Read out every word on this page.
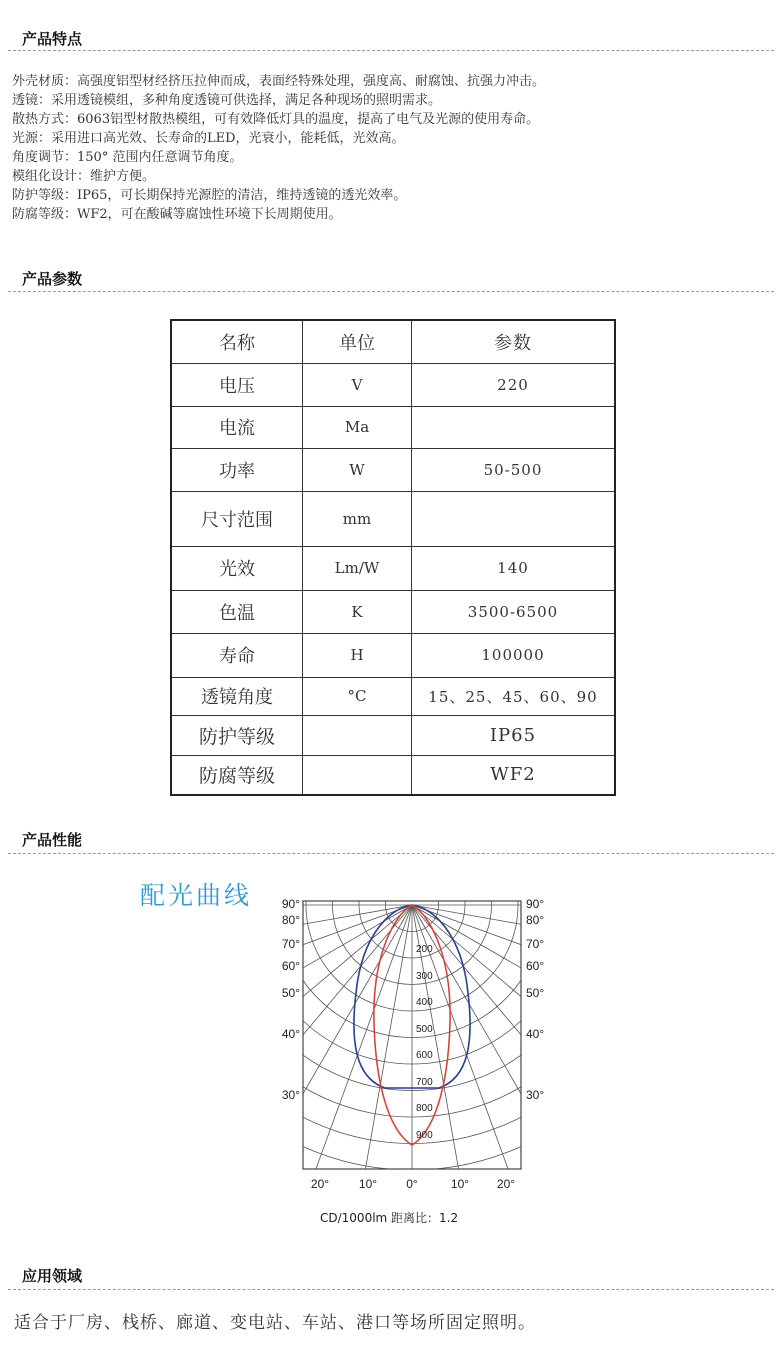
产品特点
外壳材质：高强度铝型材经挤压拉伸而成，表面经特殊处理，强度高、耐腐蚀、抗强力冲击。
透镜：采用透镜模组，多种角度透镜可供选择，满足各种现场的照明需求。
散热方式：6063铝型材散热模组，可有效降低灯具的温度，提高了电气及光源的使用寿命。
光源：采用进口高光效、长寿命的LED，光衰小，能耗低，光效高。
角度调节：150° 范围内任意调节角度。
模组化设计：维护方便。
防护等级：IP65，可长期保持光源腔的清洁，维持透镜的透光效率。
防腐等级：WF2，可在酸碱等腐蚀性环境下长周期使用。
产品参数
名称	单位	参数
电压	V	220
电流	Ma	
功率	W	50-500
尺寸范围	mm	
光效	Lm/W	140
色温	K	3500-6500
寿命	H	100000
透镜角度	°C	15、25、45、60、90
防护等级		IP65
防腐等级		WF2
产品性能
配光曲线
200
300
400
500
600
700
800
900
90°
80°
70°
60°
50°
40°
30°
90°
80°
70°
60°
50°
40°
30°
20° 10° 0°	10° 20°
CD/1000lm 距离比：1.2
应用领域
适合于厂房、栈桥、廊道、变电站、车站、港口等场所固定照明。
